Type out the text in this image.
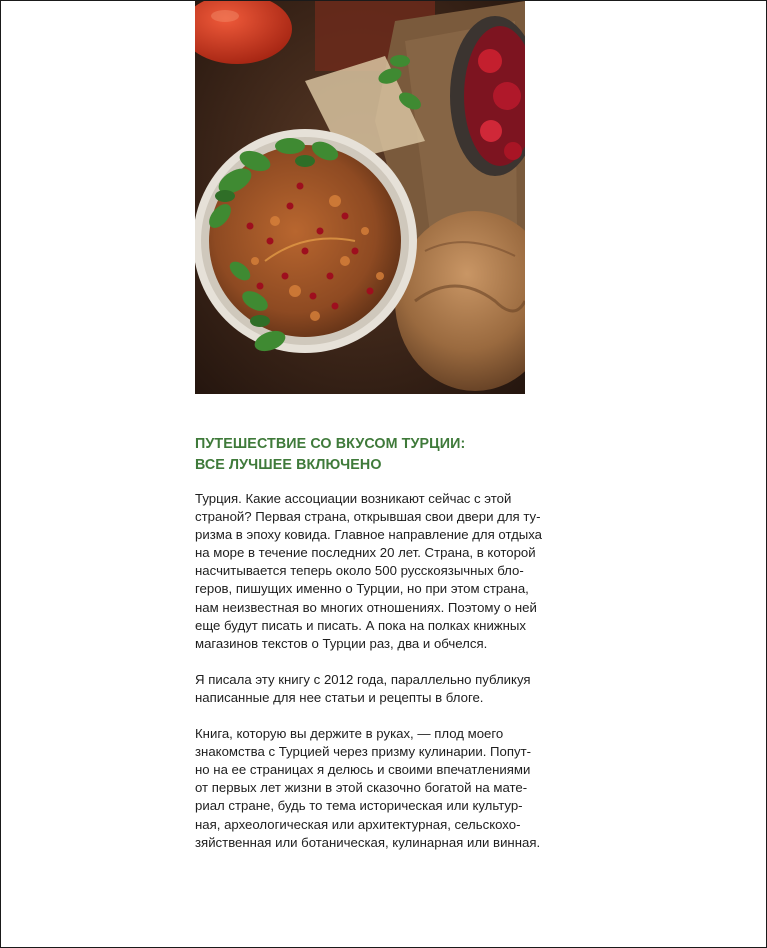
ПУТЕШЕСТВИЕ СО ВКУСОМ ТУРЦИИ:
ВСЕ ЛУЧШЕЕ ВКЛЮЧЕНО
Турция. Какие ассоциации возникают сейчас с этой
страной? Первая страна, открывшая свои двери для ту-
ризма в эпоху ковида. Главное направление для отдыха
на море в течение последних 20 лет. Страна, в которой
насчитывается теперь около 500 русскоязычных бло-
геров, пишущих именно о Турции, но при этом страна,
нам неизвестная во многих отношениях. Поэтому о ней
еще будут писать и писать. А пока на полках книжных
магазинов текстов о Турции раз, два и обчелся.
Я писала эту книгу с 2012 года, параллельно публикуя
написанные для нее статьи и рецепты в блоге.
Книга, которую вы держите в руках, — плод моего
знакомства с Турцией через призму кулинарии. Попут-
но на ее страницах я делюсь и своими впечатлениями
от первых лет жизни в этой сказочно богатой на мате-
риал стране, будь то тема историческая или культур-
ная, археологическая или архитектурная, сельскохо-
зяйственная или ботаническая, кулинарная или винная.
